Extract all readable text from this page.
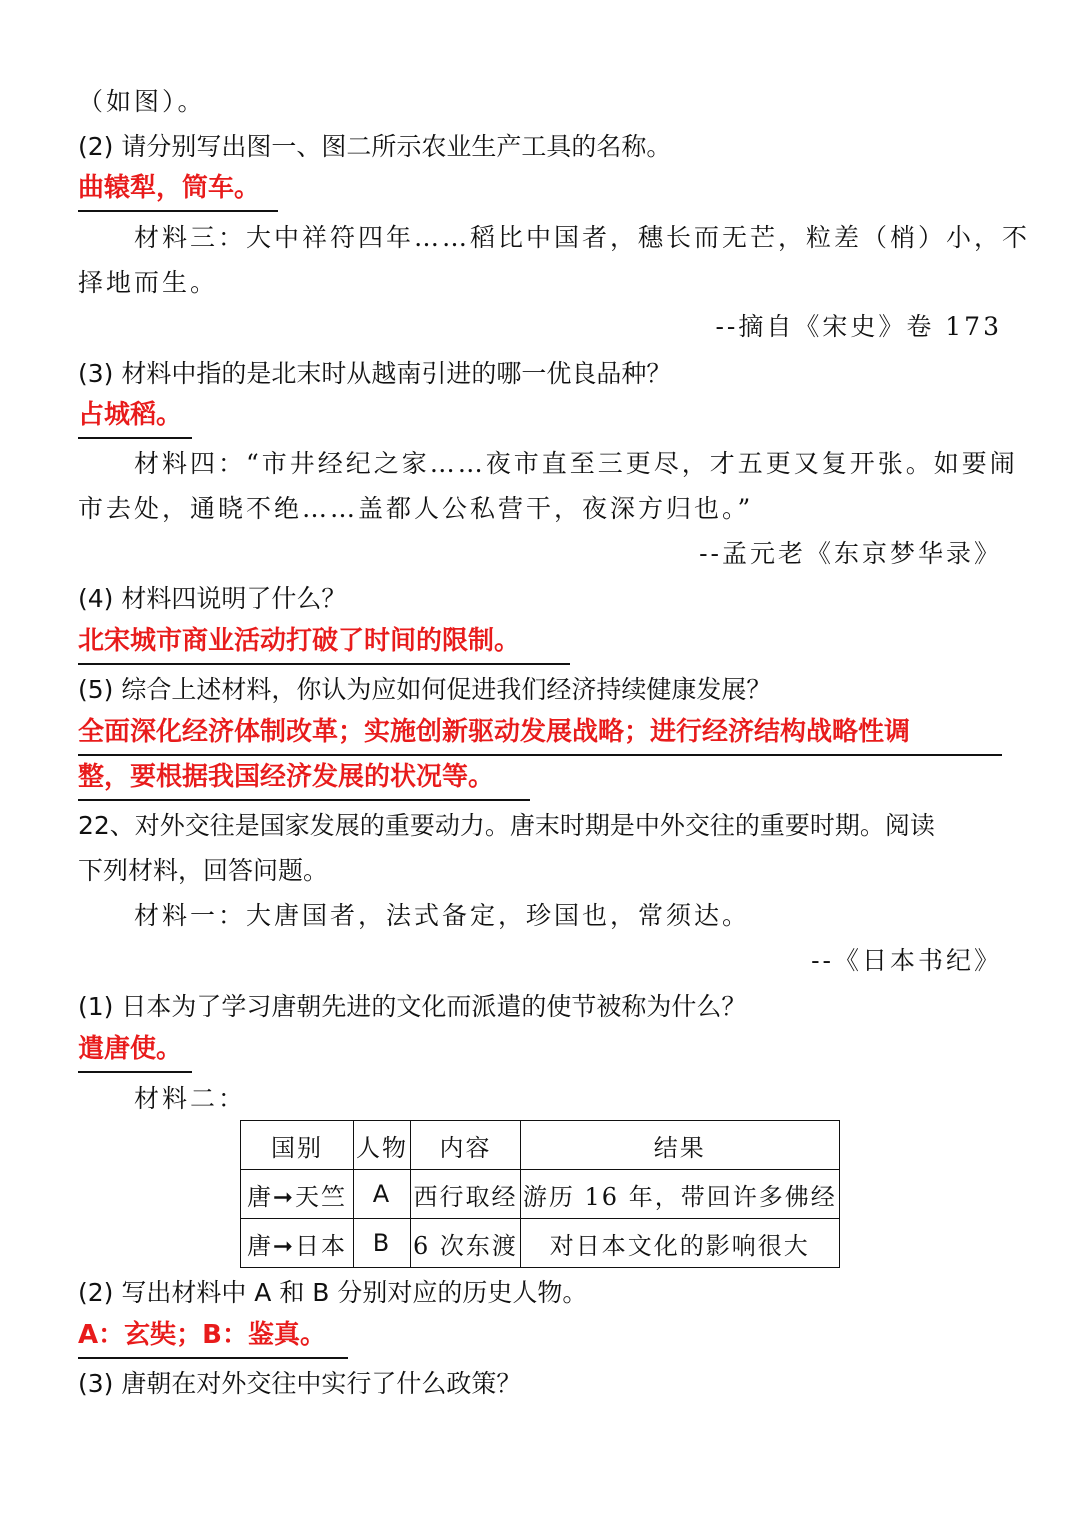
（如图）。
(2) 请分别写出图一、图二所示农业生产工具的名称。
曲辕犁，筒车。
材料三：大中祥符四年……稻比中国者，穗长而无芒，粒差（梢）小，不
择地而生。
--摘自《宋史》卷 173
(3) 材料中指的是北末时从越南引进的哪一优良品种？
占城稻。
材料四：“市井经纪之家……夜市直至三更尽，才五更又复开张。如要闹
市去处，通晓不绝……盖都人公私营干，夜深方归也。”
--孟元老《东京梦华录》
(4) 材料四说明了什么？
北宋城市商业活动打破了时间的限制。
(5) 综合上述材料，你认为应如何促进我们经济持续健康发展？
全面深化经济体制改革；实施创新驱动发展战略；进行经济结构战略性调
整，要根据我国经济发展的状况等。
22、对外交往是国家发展的重要动力。唐末时期是中外交往的重要时期。阅读
下列材料，回答问题。
材料一：大唐国者，法式备定，珍国也，常须达。
--《日本书纪》
(1) 日本为了学习唐朝先进的文化而派遣的使节被称为什么？
遣唐使。
材料二：
国别	人物	内容	结果
唐➞天竺	A	西行取经	游历 16 年，带回许多佛经
唐➞日本	B	6 次东渡	对日本文化的影响很大
(2) 写出材料中 A 和 B 分别对应的历史人物。
A：玄奘；B：鉴真。
(3) 唐朝在对外交往中实行了什么政策？
